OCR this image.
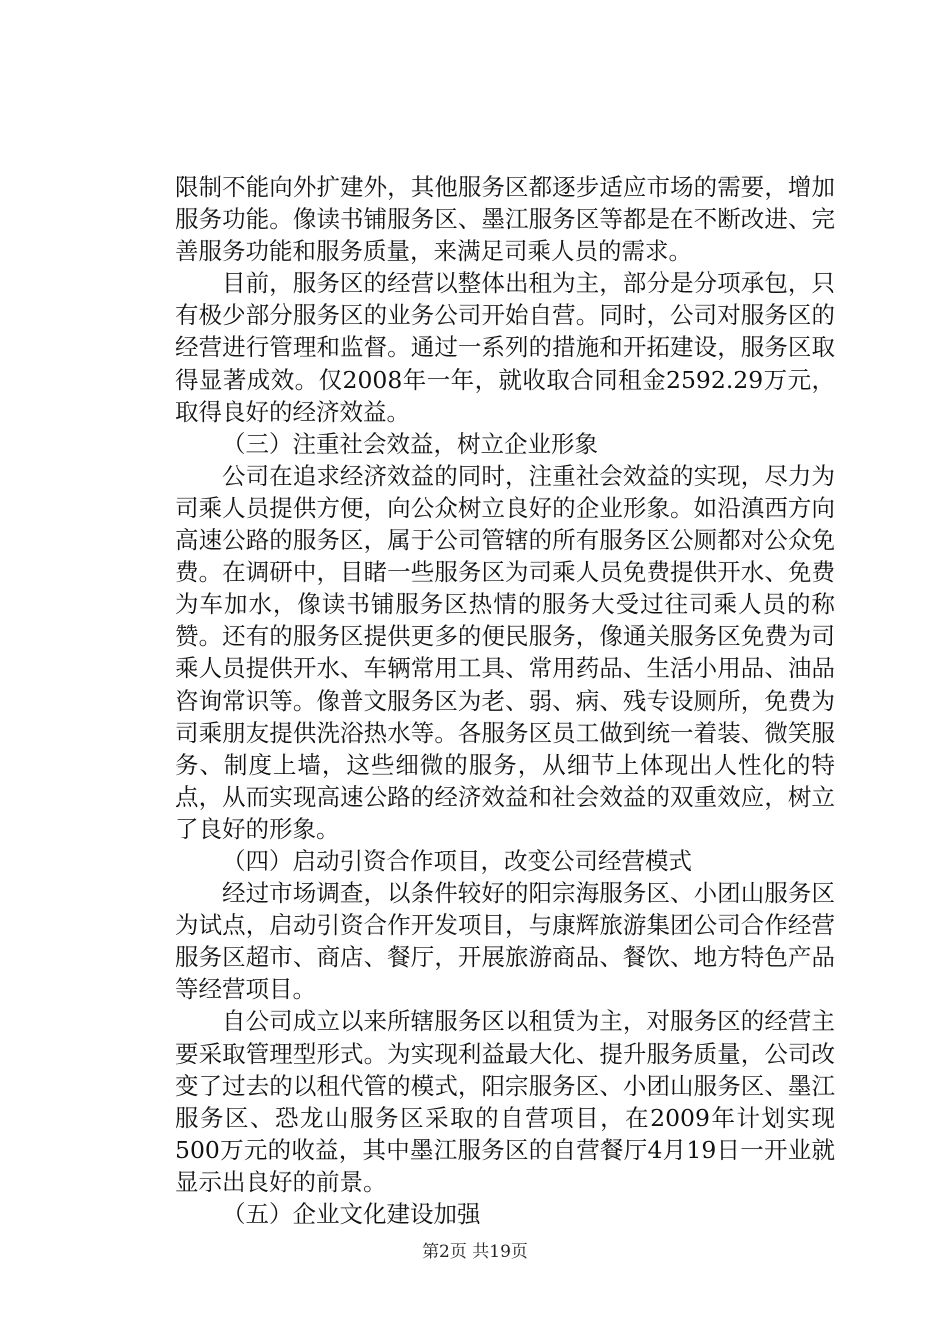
限制不能向外扩建外，其他服务区都逐步适应市场的需要，增加服务功能。像读书铺服务区、墨江服务区等都是在不断改进、完善服务功能和服务质量，来满足司乘人员的需求。

目前，服务区的经营以整体出租为主，部分是分项承包，只有极少部分服务区的业务公司开始自营。同时，公司对服务区的经营进行管理和监督。通过一系列的措施和开拓建设，服务区取得显著成效。仅2008年一年，就收取合同租金2592.29万元，取得良好的经济效益。

（三）注重社会效益，树立企业形象

公司在追求经济效益的同时，注重社会效益的实现，尽力为司乘人员提供方便，向公众树立良好的企业形象。如沿滇西方向高速公路的服务区，属于公司管辖的所有服务区公厕都对公众免费。在调研中，目睹一些服务区为司乘人员免费提供开水、免费为车加水，像读书铺服务区热情的服务大受过往司乘人员的称赞。还有的服务区提供更多的便民服务，像通关服务区免费为司乘人员提供开水、车辆常用工具、常用药品、生活小用品、油品咨询常识等。像普文服务区为老、弱、病、残专设厕所，免费为司乘朋友提供洗浴热水等。各服务区员工做到统一着装、微笑服务、制度上墙，这些细微的服务，从细节上体现出人性化的特点，从而实现高速公路的经济效益和社会效益的双重效应，树立了良好的形象。

（四）启动引资合作项目，改变公司经营模式

经过市场调查，以条件较好的阳宗海服务区、小团山服务区为试点，启动引资合作开发项目，与康辉旅游集团公司合作经营服务区超市、商店、餐厅，开展旅游商品、餐饮、地方特色产品等经营项目。

自公司成立以来所辖服务区以租赁为主，对服务区的经营主要采取管理型形式。为实现利益最大化、提升服务质量，公司改变了过去的以租代管的模式，阳宗服务区、小团山服务区、墨江服务区、恐龙山服务区采取的自营项目，在2009年计划实现500万元的收益，其中墨江服务区的自营餐厅4月19日一开业就显示出良好的前景。

（五）企业文化建设加强

第2页 共19页
